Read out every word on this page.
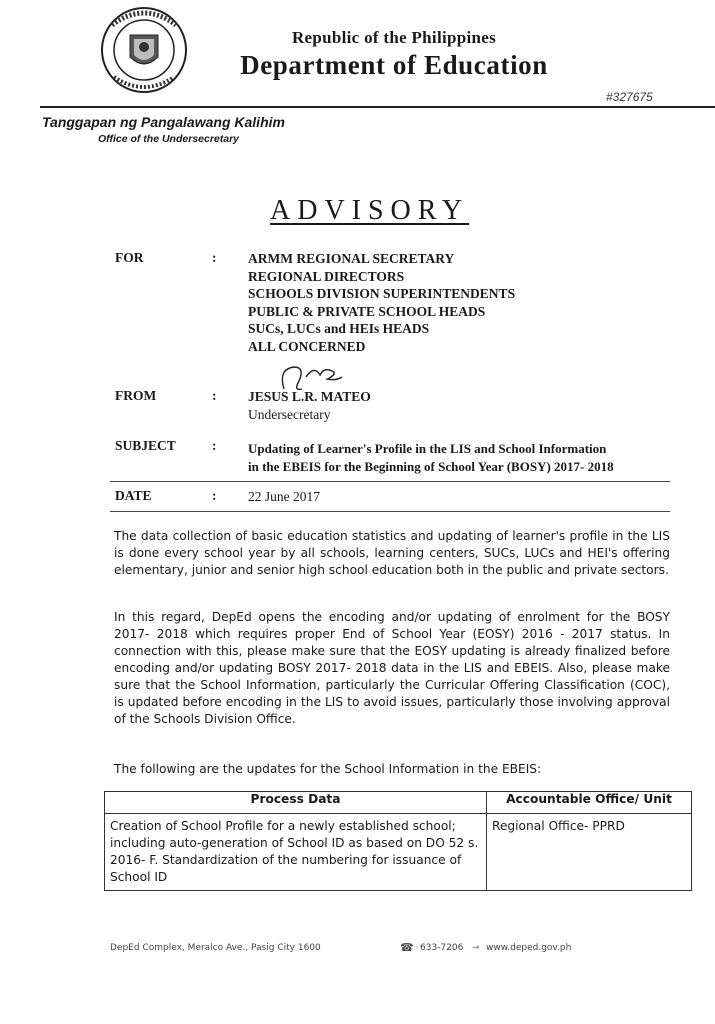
Republic of the Philippines
Department of Education
#327675
Tanggapan ng Pangalawang Kalihim
Office of the Undersecretary
ADVISORY
FOR	: ARMM REGIONAL SECRETARY
REGIONAL DIRECTORS
SCHOOLS DIVISION SUPERINTENDENTS
PUBLIC & PRIVATE SCHOOL HEADS
SUCs, LUCs and HEIs HEADS
ALL CONCERNED
FROM	: JESUS L.R. MATEO
Undersecretary
SUBJECT	: Updating of Learner's Profile in the LIS and School Information
in the EBEIS for the Beginning of School Year (BOSY) 2017- 2018
DATE	: 22 June 2017
The data collection of basic education statistics and updating of learner's profile in the LIS is done every school year by all schools, learning centers, SUCs, LUCs and HEI's offering elementary, junior and senior high school education both in the public and private sectors.
In this regard, DepEd opens the encoding and/or updating of enrolment for the BOSY 2017- 2018 which requires proper End of School Year (EOSY) 2016 - 2017 status. In connection with this, please make sure that the EOSY updating is already finalized before encoding and/or updating BOSY 2017- 2018 data in the LIS and EBEIS. Also, please make sure that the School Information, particularly the Curricular Offering Classification (COC), is updated before encoding in the LIS to avoid issues, particularly those involving approval of the Schools Division Office.
The following are the updates for the School Information in the EBEIS:
Process Data	Accountable Office/ Unit
Creation of School Profile for a newly established school; including auto-generation of School ID as based on DO 52 s. 2016- F. Standardization of the numbering for issuance of School ID	Regional Office- PPRD
DepEd Complex, Meralco Ave., Pasig City 1600	☎ 633-7206 ⇾ www.deped.gov.ph
